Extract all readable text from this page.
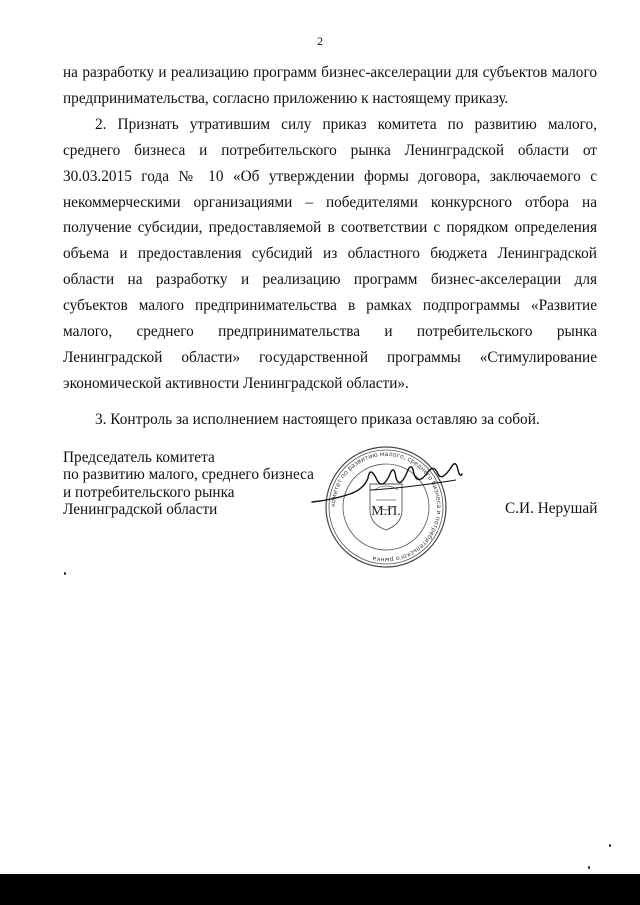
2

на разработку и реализацию программ бизнес-акселерации для субъектов малого предпринимательства, согласно приложению к настоящему приказу.

2. Признать утратившим силу приказ комитета по развитию малого, среднего бизнеса и потребительского рынка Ленинградской области от 30.03.2015 года № 10 «Об утверждении формы договора, заключаемого с некоммерческими организациями – победителями конкурсного отбора на получение субсидии, предоставляемой в соответствии с порядком определения объема и предоставления субсидий из областного бюджета Ленинградской области на разработку и реализацию программ бизнес-акселерации для субъектов малого предпринимательства в рамках подпрограммы «Развитие малого, среднего предпринимательства и потребительского рынка Ленинградской области» государственной программы «Стимулирование экономической активности Ленинградской области».

3. Контроль за исполнением настоящего приказа оставляю за собой.

Председатель комитета
по развитию малого, среднего бизнеса
и потребительского рынка
Ленинградской области	комитет по развитию малого, среднего бизнеса и потребительского рынка
М.П.	С.И. Нерушай
